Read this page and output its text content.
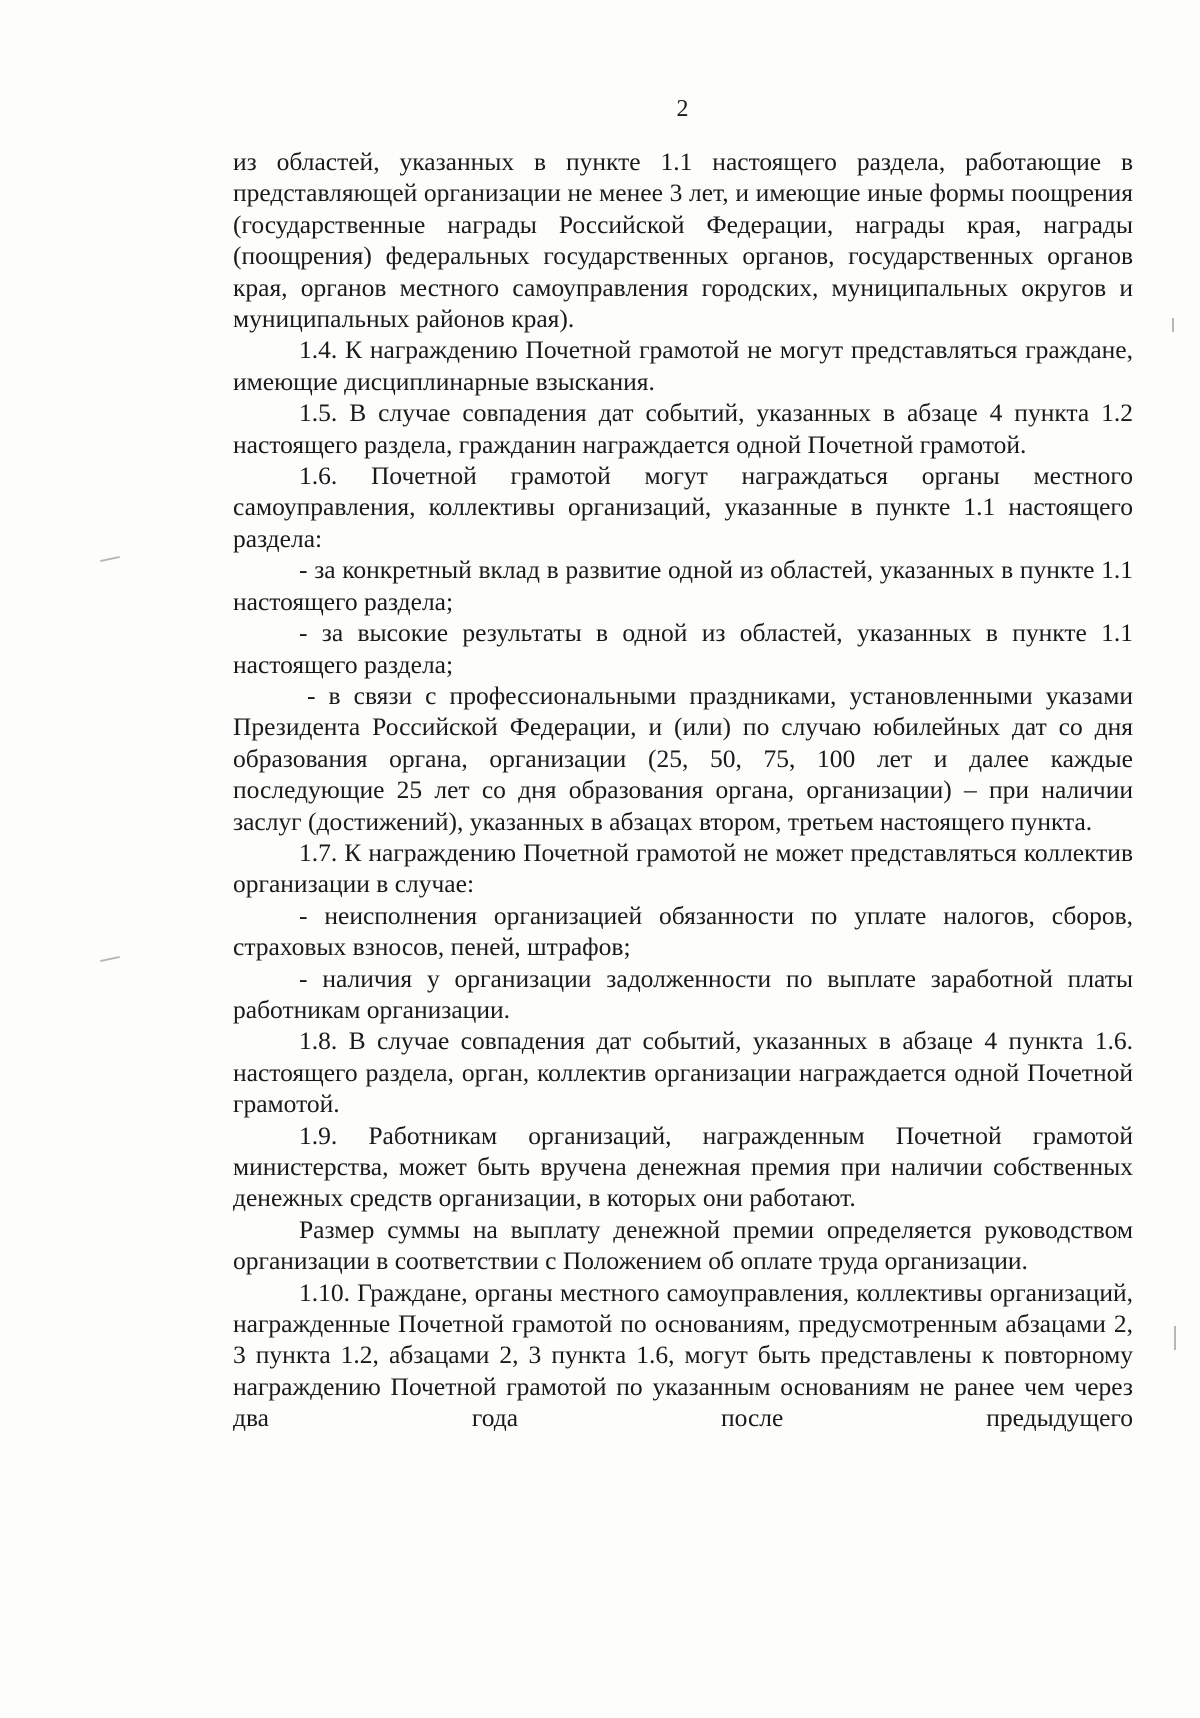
2

из областей, указанных в пункте 1.1 настоящего раздела, работающие в представляющей организации не менее 3 лет, и имеющие иные формы поощрения (государственные награды Российской Федерации, награды края, награды (поощрения) федеральных государственных органов, государственных органов края, органов местного самоуправления городских, муниципальных округов и муниципальных районов края).

1.4. К награждению Почетной грамотой не могут представляться граждане, имеющие дисциплинарные взыскания.

1.5. В случае совпадения дат событий, указанных в абзаце 4 пункта 1.2 настоящего раздела, гражданин награждается одной Почетной грамотой.

1.6. Почетной грамотой могут награждаться органы местного самоуправления, коллективы организаций, указанные в пункте 1.1 настоящего раздела:

- за конкретный вклад в развитие одной из областей, указанных в пункте 1.1 настоящего раздела;

- за высокие результаты в одной из областей, указанных в пункте 1.1 настоящего раздела;

- в связи с профессиональными праздниками, установленными указами Президента Российской Федерации, и (или) по случаю юбилейных дат со дня образования органа, организации (25, 50, 75, 100 лет и далее каждые последующие 25 лет со дня образования органа, организации) – при наличии заслуг (достижений), указанных в абзацах втором, третьем настоящего пункта.

1.7. К награждению Почетной грамотой не может представляться коллектив организации в случае:

- неисполнения организацией обязанности по уплате налогов, сборов, страховых взносов, пеней, штрафов;

- наличия у организации задолженности по выплате заработной платы работникам организации.

1.8. В случае совпадения дат событий, указанных в абзаце 4 пункта 1.6. настоящего раздела, орган, коллектив организации награждается одной Почетной грамотой.

1.9. Работникам организаций, награжденным Почетной грамотой министерства, может быть вручена денежная премия при наличии собственных денежных средств организации, в которых они работают.

Размер суммы на выплату денежной премии определяется руководством организации в соответствии с Положением об оплате труда организации.

1.10. Граждане, органы местного самоуправления, коллективы организаций, награжденные Почетной грамотой по основаниям, предусмотренным абзацами 2, 3 пункта 1.2, абзацами 2, 3 пункта 1.6, могут быть представлены к повторному награждению Почетной грамотой по указанным основаниям не ранее чем через два года после предыдущего
